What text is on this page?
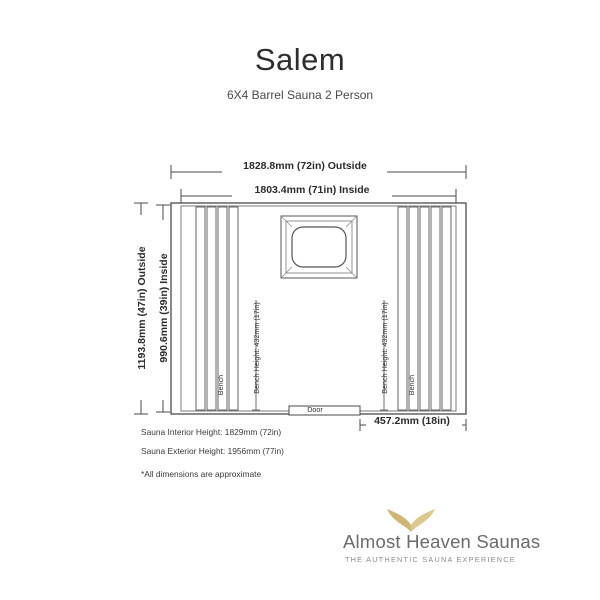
Salem
6X4 Barrel Sauna 2 Person
1828.8mm (72in) Outside
1803.4mm (71in) Inside
1193.8mm (47in) Outside 990.6mm (39in) Inside
Door
Bench	Bench
Bench Height: 432mm (17in)	Bench Height: 432mm (17in)
457.2mm (18in)
Sauna Interior Height: 1829mm (72in)
Sauna Exterior Height: 1956mm (77in)
*All dimensions are approximate
Almost Heaven Saunas
THE AUTHENTIC SAUNA EXPERIENCE
